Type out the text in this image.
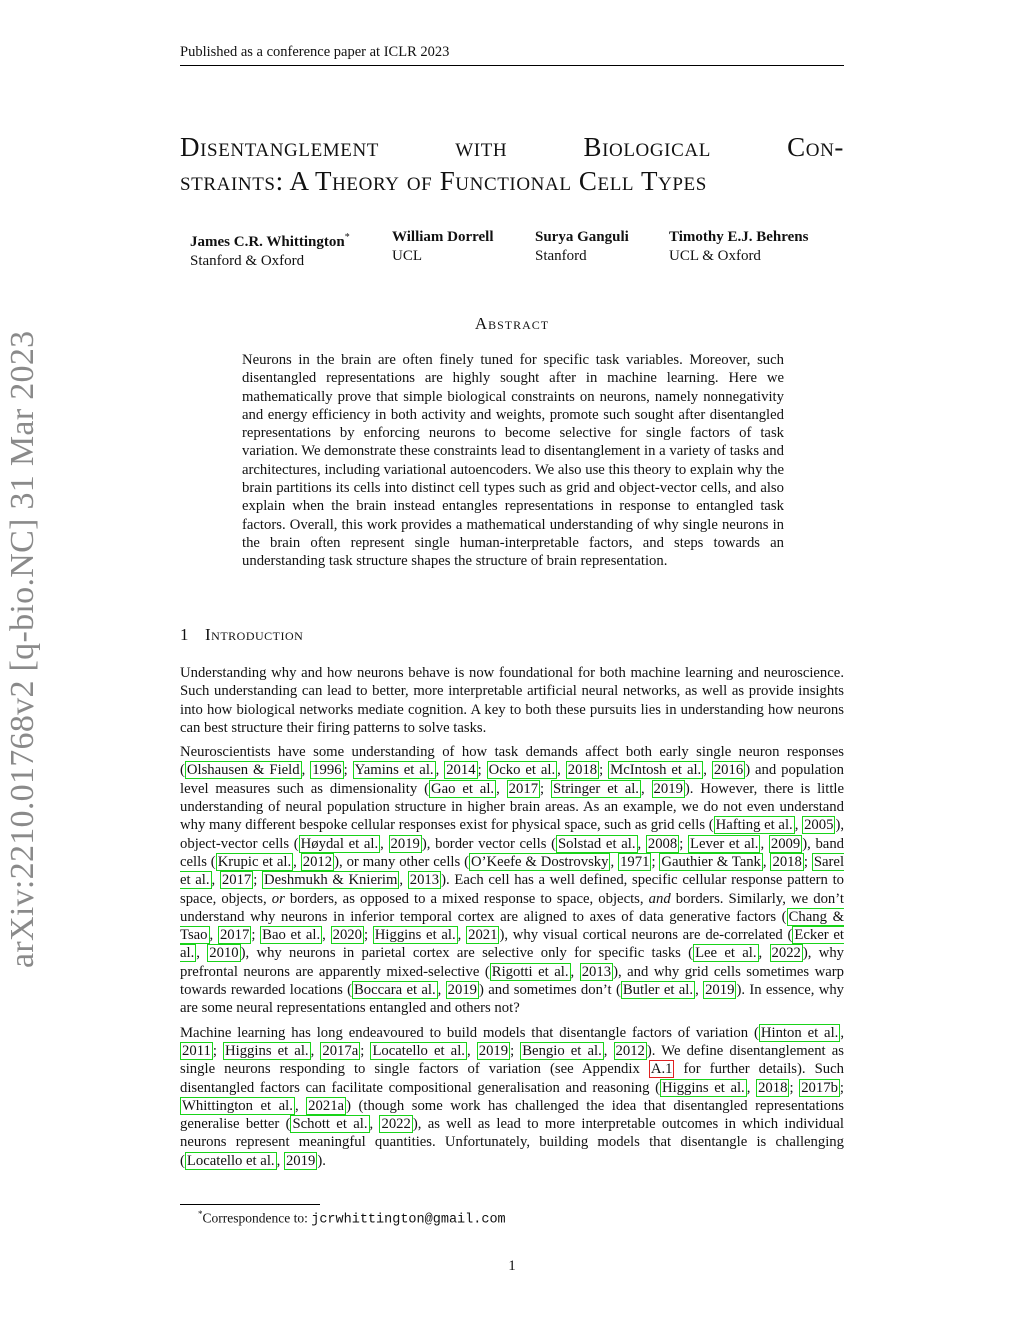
Published as a conference paper at ICLR 2023
arXiv:2210.01768v2 [q-bio.NC] 31 Mar 2023
Disentanglement with Biological Con-
straints: A Theory of Functional Cell Types
James C.R. Whittington*
Stanford & Oxford
William Dorrell
UCL
Surya Ganguli
Stanford
Timothy E.J. Behrens
UCL & Oxford
Abstract
Neurons in the brain are often finely tuned for specific task variables. Moreover, such disentangled representations are highly sought after in machine learning. Here we mathematically prove that simple biological constraints on neurons, namely nonnegativity and energy efficiency in both activity and weights, promote such sought after disentangled representations by enforcing neurons to become selective for single factors of task variation. We demonstrate these constraints lead to disentanglement in a variety of tasks and architectures, including variational autoencoders. We also use this theory to explain why the brain partitions its cells into distinct cell types such as grid and object-vector cells, and also explain when the brain instead entangles representations in response to entangled task factors. Overall, this work provides a mathematical understanding of why single neurons in the brain often represent single human-interpretable factors, and steps towards an understanding task structure shapes the structure of brain representation.
1 Introduction

Understanding why and how neurons behave is now foundational for both machine learning and neuroscience. Such understanding can lead to better, more interpretable artificial neural networks, as well as provide insights into how biological networks mediate cognition. A key to both these pursuits lies in understanding how neurons can best structure their firing patterns to solve tasks.

Neuroscientists have some understanding of how task demands affect both early single neuron responses ( Olshausen & Field , 1996 ; Yamins et al. , 2014 ; Ocko et al. , 2018 ; McIntosh et al. , 2016 ) and population level measures such as dimensionality ( Gao et al. , 2017 ; Stringer et al. , 2019 ). However, there is little understanding of neural population structure in higher brain areas. As an example, we do not even understand why many different bespoke cellular responses exist for physical space, such as grid cells ( Hafting et al. , 2005 ), object-vector cells ( Høydal et al. , 2019 ), border vector cells ( Solstad et al. , 2008 ; Lever et al. , 2009 ), band cells ( Krupic et al. , 2012 ), or many other cells ( O’Keefe & Dostrovsky , 1971 ; Gauthier & Tank , 2018 ; Sarel et al. , 2017 ; Deshmukh & Knierim , 2013 ). Each cell has a well defined, specific cellular response pattern to space, objects, or borders, as opposed to a mixed response to space, objects, and borders. Similarly, we don’t understand why neurons in inferior temporal cortex are aligned to axes of data generative factors ( Chang & Tsao , 2017 ; Bao et al. , 2020 ; Higgins et al. , 2021 ), why visual cortical neurons are de-correlated ( Ecker et al. , 2010 ), why neurons in parietal cortex are selective only for specific tasks ( Lee et al. , 2022 ), why prefrontal neurons are apparently mixed-selective ( Rigotti et al. , 2013 ), and why grid cells sometimes warp towards rewarded locations ( Boccara et al. , 2019 ) and sometimes don’t ( Butler et al. , 2019 ). In essence, why are some neural representations entangled and others not?

Machine learning has long endeavoured to build models that disentangle factors of variation ( Hinton et al. , 2011 ; Higgins et al. , 2017a ; Locatello et al. , 2019 ; Bengio et al. , 2012 ). We define disentanglement as single neurons responding to single factors of variation (see Appendix A.1 for further details). Such disentangled factors can facilitate compositional generalisation and reasoning ( Higgins et al. , 2018 ; 2017b ; Whittington et al. , 2021a ) (though some work has challenged the idea that disentangled representations generalise better ( Schott et al. , 2022 ), as well as lead to more interpretable outcomes in which individual neurons represent meaningful quantities. Unfortunately, building models that disentangle is challenging ( Locatello et al. , 2019 ).

*Correspondence to: jcrwhittington@gmail.com
1
